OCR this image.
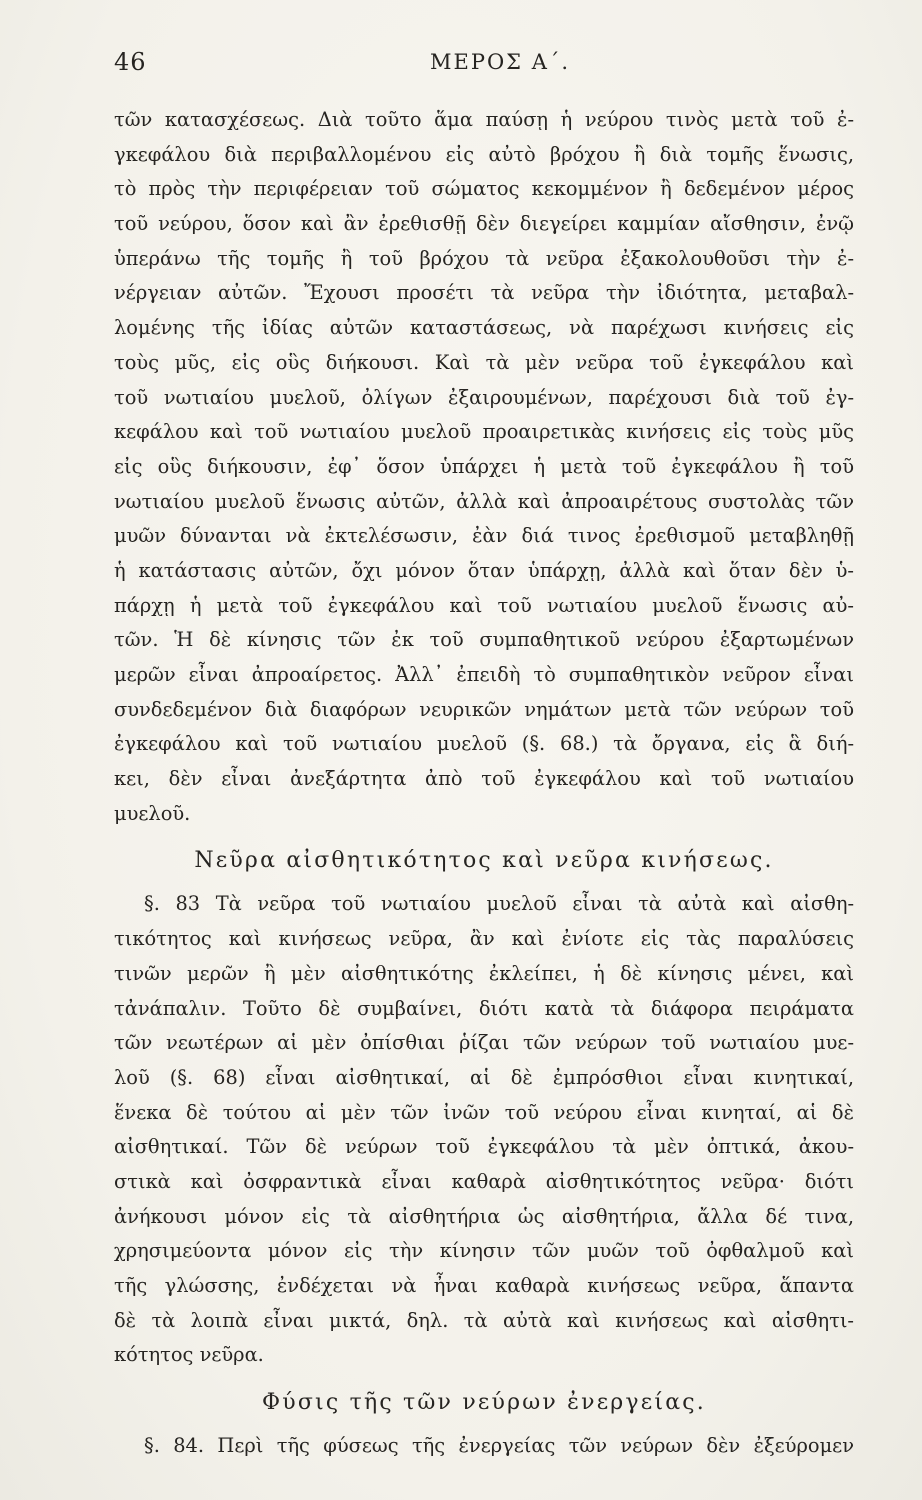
46	ΜΕΡΟΣ Α΄.
τῶν κατασχέσεως. Διὰ τοῦτο ἅμα παύσῃ ἡ νεύρου τινὸς μετὰ τοῦ ἐ-
γκεφάλου διὰ περιβαλλομένου εἰς αὐτὸ βρόχου ἢ διὰ τομῆς ἕνωσις,
τὸ πρὸς τὴν περιφέρειαν τοῦ σώματος κεκομμένον ἢ δεδεμένον μέρος
τοῦ νεύρου, ὅσον καὶ ἂν ἐρεθισθῇ δὲν διεγείρει καμμίαν αἴσθησιν, ἐνῷ
ὑπεράνω τῆς τομῆς ἢ τοῦ βρόχου τὰ νεῦρα ἐξακολουθοῦσι τὴν ἐ-
νέργειαν αὐτῶν. Ἔχουσι προσέτι τὰ νεῦρα τὴν ἰδιότητα, μεταβαλ-
λομένης τῆς ἰδίας αὐτῶν καταστάσεως, νὰ παρέχωσι κινήσεις εἰς
τοὺς μῦς, εἰς οὓς διήκουσι. Καὶ τὰ μὲν νεῦρα τοῦ ἐγκεφάλου καὶ
τοῦ νωτιαίου μυελοῦ, ὀλίγων ἐξαιρουμένων, παρέχουσι διὰ τοῦ ἐγ-
κεφάλου καὶ τοῦ νωτιαίου μυελοῦ προαιρετικὰς κινήσεις εἰς τοὺς μῦς
εἰς οὓς διήκουσιν, ἐφ᾽ ὅσον ὑπάρχει ἡ μετὰ τοῦ ἐγκεφάλου ἢ τοῦ
νωτιαίου μυελοῦ ἕνωσις αὐτῶν, ἀλλὰ καὶ ἀπροαιρέτους συστολὰς τῶν
μυῶν δύνανται νὰ ἐκτελέσωσιν, ἐὰν διά τινος ἐρεθισμοῦ μεταβληθῇ
ἡ κατάστασις αὐτῶν, ὄχι μόνον ὅταν ὑπάρχῃ, ἀλλὰ καὶ ὅταν δὲν ὑ-
πάρχῃ ἡ μετὰ τοῦ ἐγκεφάλου καὶ τοῦ νωτιαίου μυελοῦ ἕνωσις αὐ-
τῶν. Ἡ δὲ κίνησις τῶν ἐκ τοῦ συμπαθητικοῦ νεύρου ἐξαρτωμένων
μερῶν εἶναι ἀπροαίρετος. Ἀλλ᾽ ἐπειδὴ τὸ συμπαθητικὸν νεῦρον εἶναι
συνδεδεμένον διὰ διαφόρων νευρικῶν νημάτων μετὰ τῶν νεύρων τοῦ
ἐγκεφάλου καὶ τοῦ νωτιαίου μυελοῦ (§. 68.) τὰ ὄργανα, εἰς ἃ διή-
κει, δὲν εἶναι ἀνεξάρτητα ἀπὸ τοῦ ἐγκεφάλου καὶ τοῦ νωτιαίου
μυελοῦ.
Νεῦρα αἰσθητικότητος καὶ νεῦρα κινήσεως.
§. 83 Τὰ νεῦρα τοῦ νωτιαίου μυελοῦ εἶναι τὰ αὐτὰ καὶ αἰσθη-
τικότητος καὶ κινήσεως νεῦρα, ἂν καὶ ἐνίοτε εἰς τὰς παραλύσεις
τινῶν μερῶν ἢ μὲν αἰσθητικότης ἐκλείπει, ἡ δὲ κίνησις μένει, καὶ
τἀνάπαλιν. Τοῦτο δὲ συμβαίνει, διότι κατὰ τὰ διάφορα πειράματα
τῶν νεωτέρων αἱ μὲν ὀπίσθιαι ῥίζαι τῶν νεύρων τοῦ νωτιαίου μυε-
λοῦ (§. 68) εἶναι αἰσθητικαί, αἱ δὲ ἐμπρόσθιοι εἶναι κινητικαί,
ἕνεκα δὲ τούτου αἱ μὲν τῶν ἰνῶν τοῦ νεύρου εἶναι κινηταί, αἱ δὲ
αἰσθητικαί. Τῶν δὲ νεύρων τοῦ ἐγκεφάλου τὰ μὲν ὀπτικά, ἀκου-
στικὰ καὶ ὀσφραντικὰ εἶναι καθαρὰ αἰσθητικότητος νεῦρα· διότι
ἀνήκουσι μόνον εἰς τὰ αἰσθητήρια ὡς αἰσθητήρια, ἄλλα δέ τινα,
χρησιμεύοντα μόνον εἰς τὴν κίνησιν τῶν μυῶν τοῦ ὀφθαλμοῦ καὶ
τῆς γλώσσης, ἐνδέχεται νὰ ἦναι καθαρὰ κινήσεως νεῦρα, ἅπαντα
δὲ τὰ λοιπὰ εἶναι μικτά, δηλ. τὰ αὐτὰ καὶ κινήσεως καὶ αἰσθητι-
κότητος νεῦρα.
Φύσις τῆς τῶν νεύρων ἐνεργείας.
§. 84. Περὶ τῆς φύσεως τῆς ἐνεργείας τῶν νεύρων δὲν ἐξεύρομεν
